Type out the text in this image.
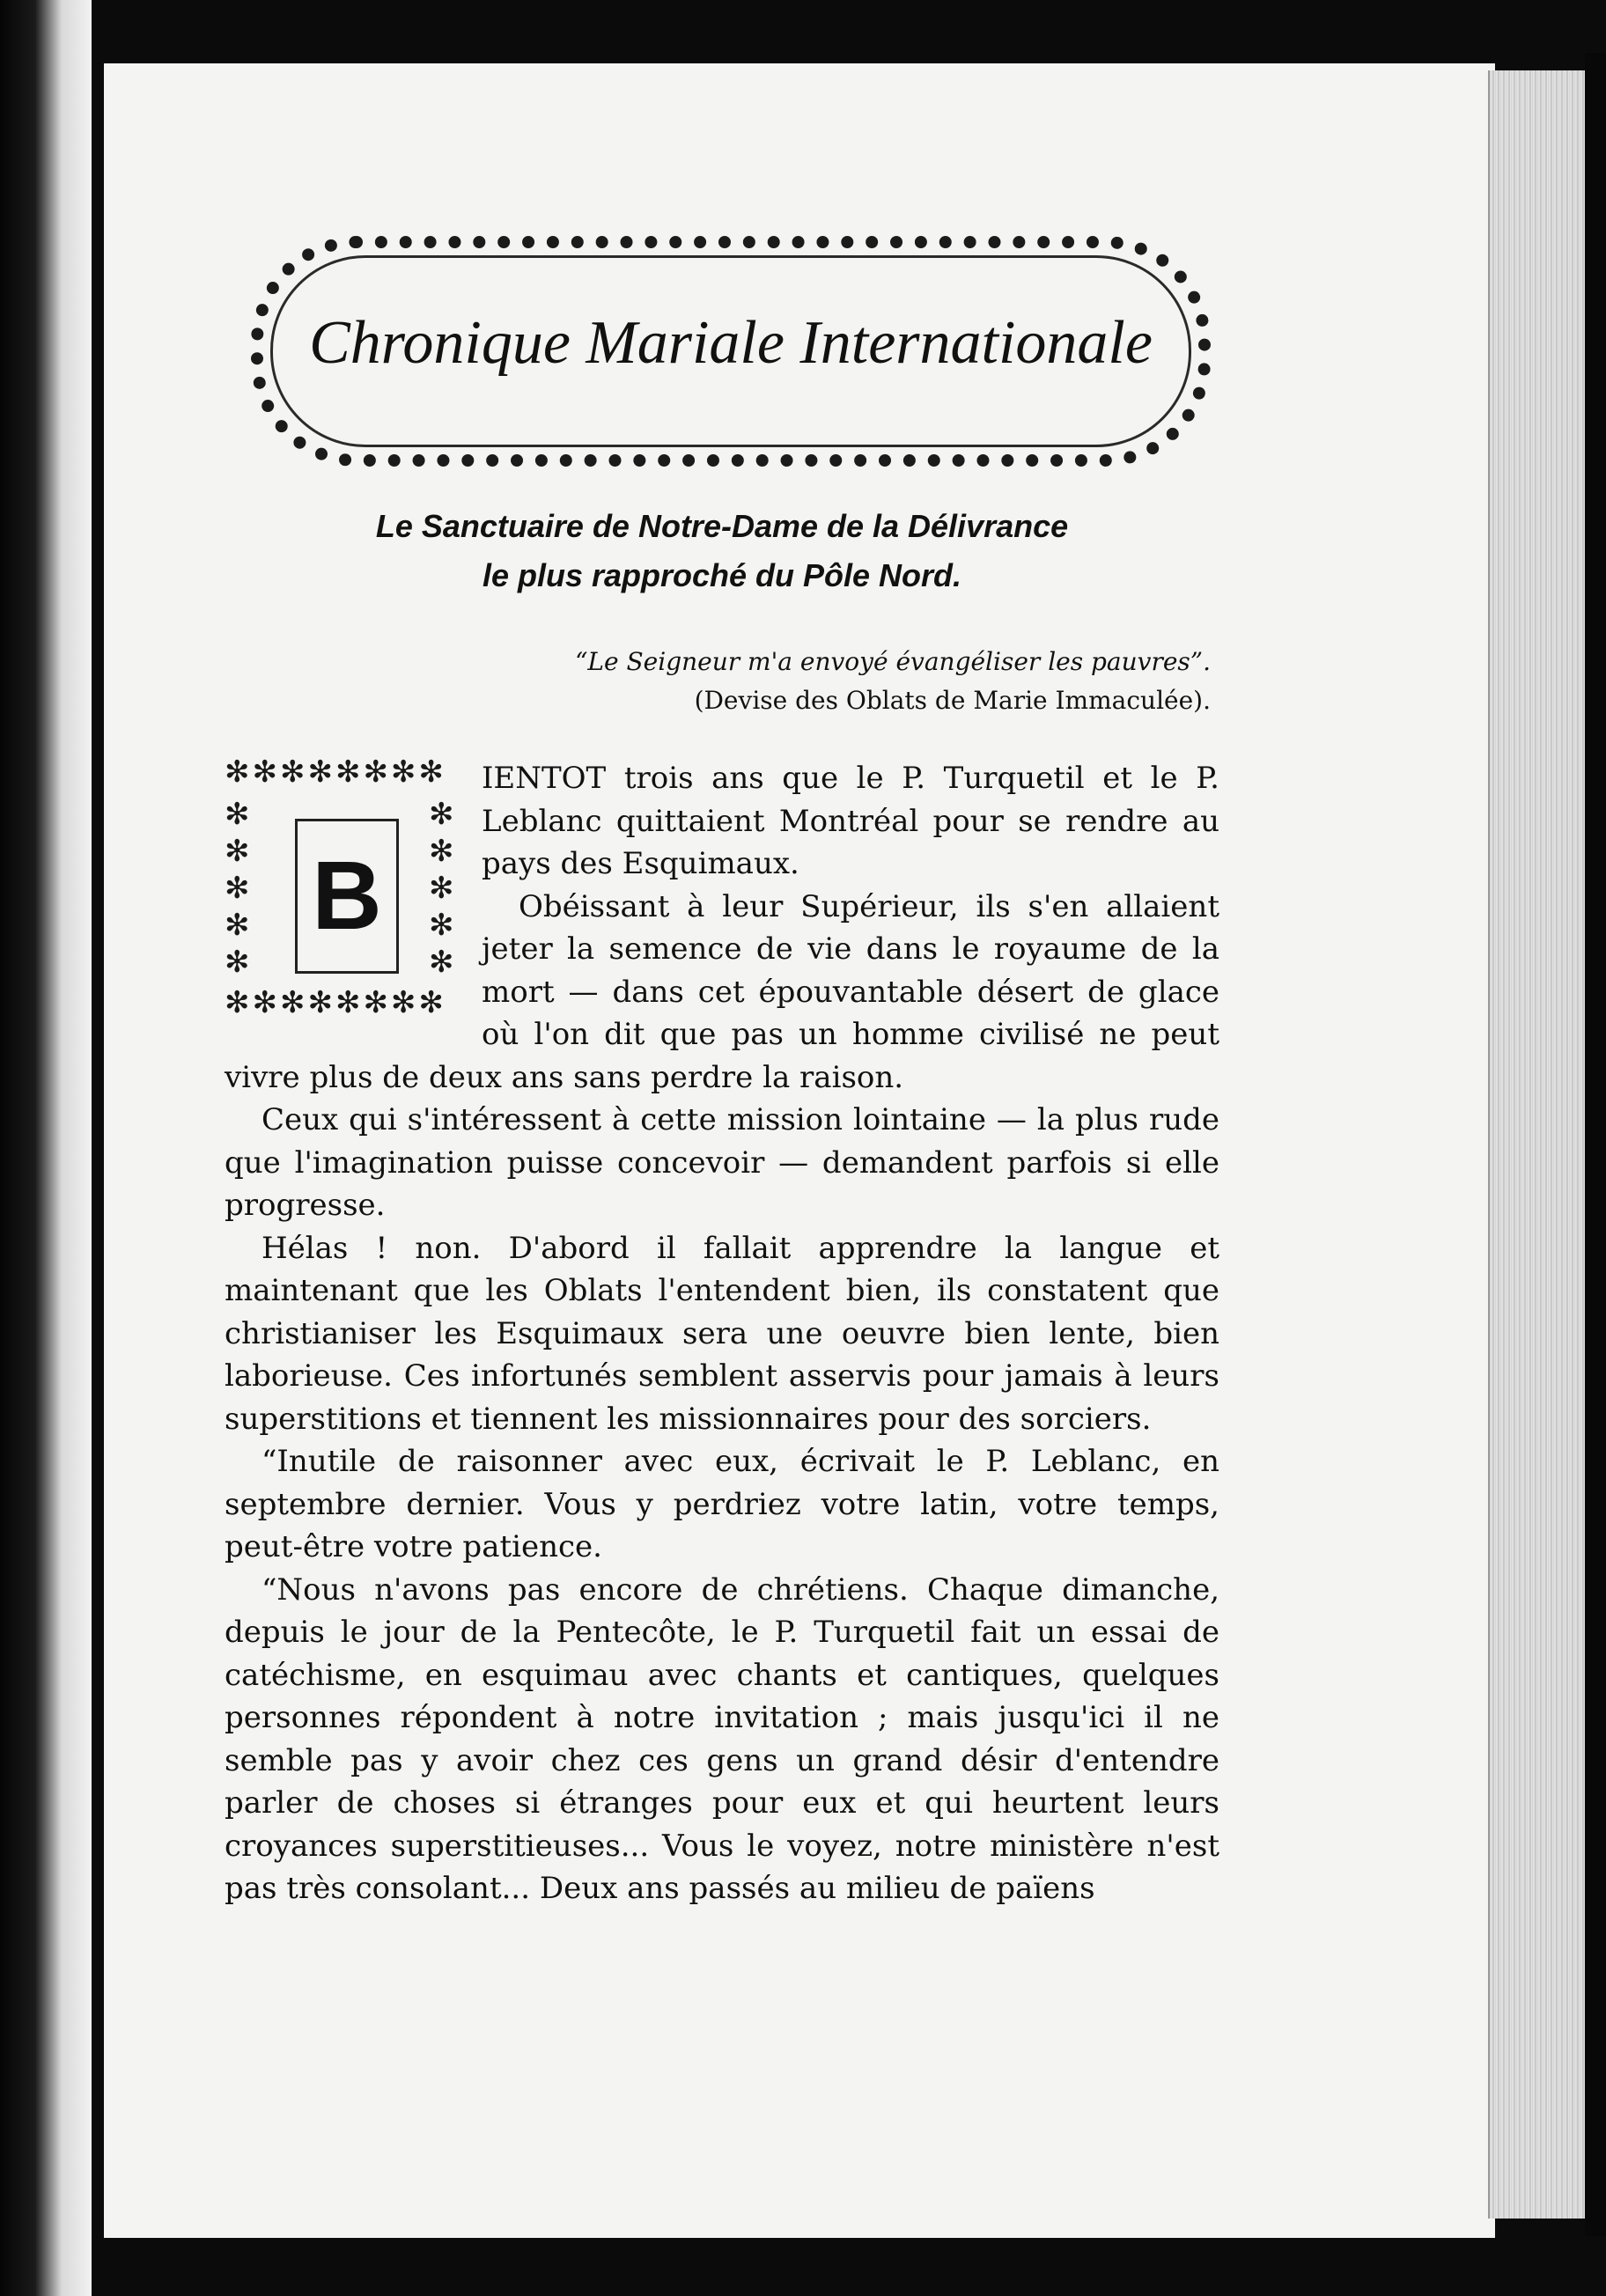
Chronique Mariale Internationale
Le Sanctuaire de Notre-Dame de la Délivrance
le plus rapproché du Pôle Nord.
“Le Seigneur m'a envoyé évangéliser les pauvres”.
(Devise des Oblats de Marie Immaculée).
✻✻✻✻✻✻✻✻
✻
✻
✻
✻
✻
✻
✻
✻
✻
✻
B
✻✻✻✻✻✻✻✻

IENTOT trois ans que le P. Turquetil et le P. Leblanc quittaient Montréal pour se rendre au pays des Esquimaux.

Obéissant à leur Supérieur, ils s'en allaient jeter la semence de vie dans le royaume de la mort — dans cet épouvantable désert de glace où l'on dit que pas un homme civilisé ne peut vivre plus de deux ans sans perdre la raison.

Ceux qui s'intéressent à cette mission lointaine — la plus rude que l'imagination puisse concevoir — demandent parfois si elle progresse.

Hélas ! non. D'abord il fallait apprendre la langue et maintenant que les Oblats l'entendent bien, ils constatent que christianiser les Esquimaux sera une oeuvre bien lente, bien laborieuse. Ces infortunés semblent asservis pour jamais à leurs superstitions et tiennent les missionnaires pour des sorciers.

“Inutile de raisonner avec eux, écrivait le P. Leblanc, en septembre dernier. Vous y perdriez votre latin, votre temps, peut-être votre patience.

“Nous n'avons pas encore de chrétiens. Chaque dimanche, depuis le jour de la Pentecôte, le P. Turquetil fait un essai de catéchisme, en esquimau avec chants et cantiques, quelques personnes répondent à notre invitation ; mais jusqu'ici il ne semble pas y avoir chez ces gens un grand désir d'entendre parler de choses si étranges pour eux et qui heurtent leurs croyances superstitieuses... Vous le voyez, notre ministère n'est pas très consolant... Deux ans passés au milieu de païens
